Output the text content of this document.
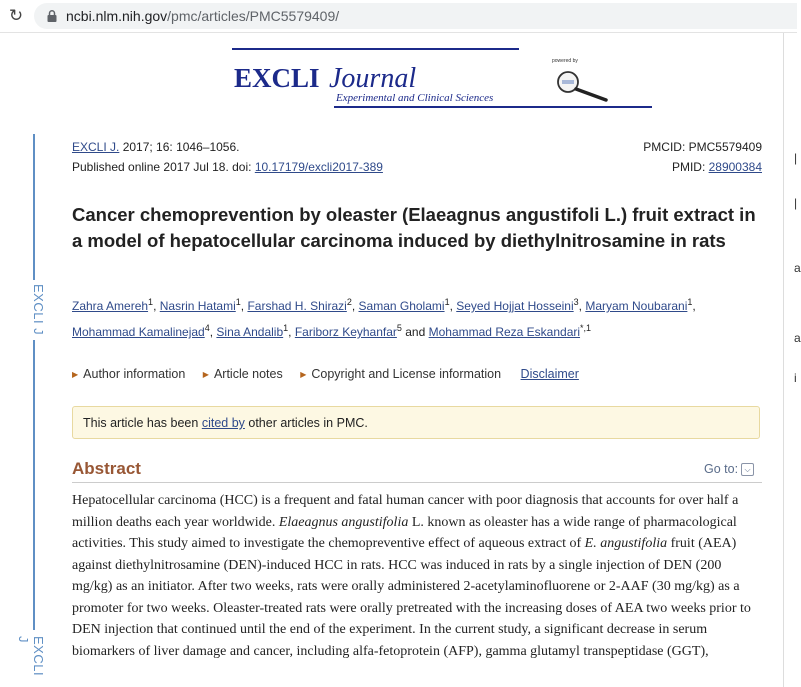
↻	ncbi.nlm.nih.gov/pmc/articles/PMC5579409/
|
|
a
a
i
EXCLI J
EXCLI J
EXCLI Journal
Experimental and Clinical Sciences
powered by
EXCLI J. 2017; 16: 1046–1056.
Published online 2017 Jul 18. doi: 10.17179/excli2017-389
PMCID: PMC5579409
PMID: 28900384
Cancer chemoprevention by oleaster (Elaeagnus angustifoli L.) fruit extract in a model of hepatocellular carcinoma induced by diethylnitrosamine in rats
Zahra Amereh$^1$, Nasrin Hatami$^1$, Farshad H. Shirazi$^2$, Saman Gholami$^1$, Seyed Hojjat Hosseini$^3$, Maryam Noubarani$^1$, Mohammad Kamalinejad$^4$, Sina Andalib$^1$, Fariborz Keyhanfar$^5$ and Mohammad Reza Eskandari$^{*,1}$
▶ Author information ▶ Article notes ▶ Copyright and License information Disclaimer
This article has been cited by other articles in PMC.
Abstract	Go to: ⌵
Hepatocellular carcinoma (HCC) is a frequent and fatal human cancer with poor diagnosis that accounts for over half a million deaths each year worldwide. Elaeagnus angustifolia L. known as oleaster has a wide range of pharmacological activities. This study aimed to investigate the chemopreventive effect of aqueous extract of E. angustifolia fruit (AEA) against diethylnitrosamine (DEN)-induced HCC in rats. HCC was induced in rats by a single injection of DEN (200 mg/kg) as an initiator. After two weeks, rats were orally administered 2-acetylaminofluorene or 2-AAF (30 mg/kg) as a promoter for two weeks. Oleaster-treated rats were orally pretreated with the increasing doses of AEA two weeks prior to DEN injection that continued until the end of the experiment. In the current study, a significant decrease in serum biomarkers of liver damage and cancer, including alfa-fetoprotein (AFP), gamma glutamyl transpeptidase (GGT),
